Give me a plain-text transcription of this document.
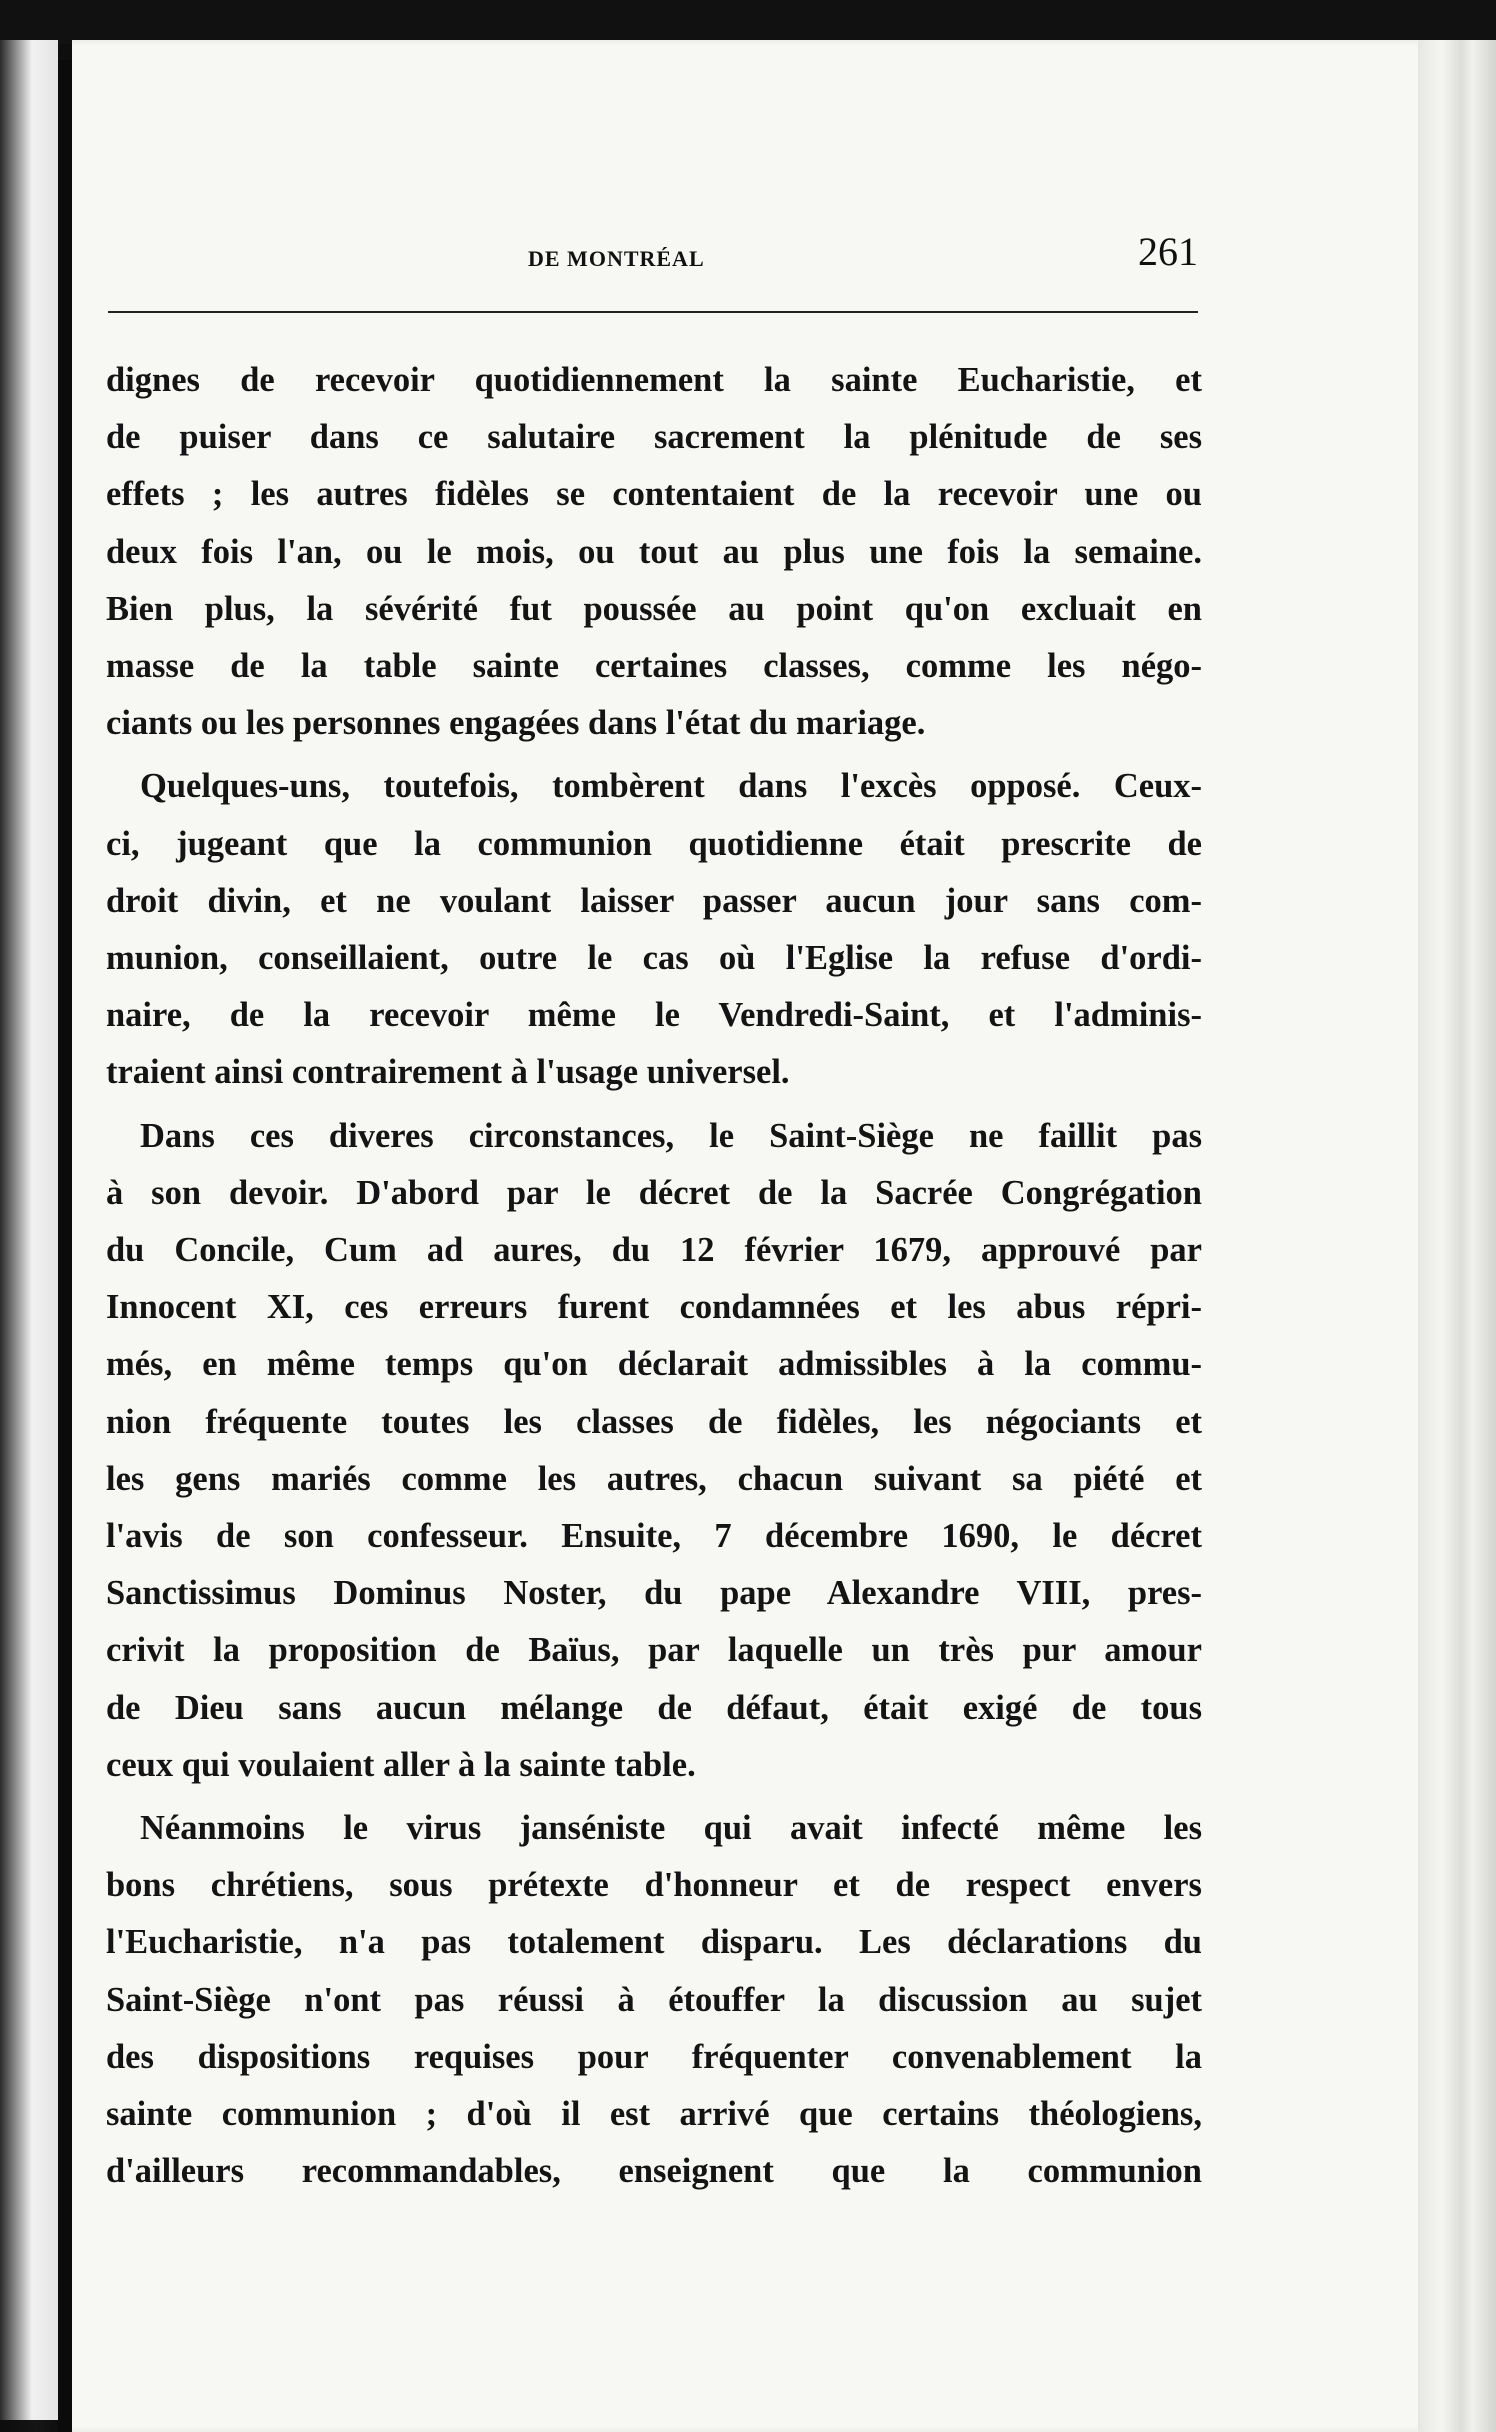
DE MONTRÉAL	261
dignes de recevoir quotidiennement la sainte Eucharistie, et
de puiser dans ce salutaire sacrement la plénitude de ses
effets ; les autres fidèles se contentaient de la recevoir une ou
deux fois l'an, ou le mois, ou tout au plus une fois la semaine.
Bien plus, la sévérité fut poussée au point qu'on excluait en
masse de la table sainte certaines classes, comme les négo-
ciants ou les personnes engagées dans l'état du mariage.
Quelques-uns, toutefois, tombèrent dans l'excès opposé. Ceux-
ci, jugeant que la communion quotidienne était prescrite de
droit divin, et ne voulant laisser passer aucun jour sans com-
munion, conseillaient, outre le cas où l'Eglise la refuse d'ordi-
naire, de la recevoir même le Vendredi-Saint, et l'adminis-
traient ainsi contrairement à l'usage universel.
Dans ces diveres circonstances, le Saint-Siège ne faillit pas
à son devoir. D'abord par le décret de la Sacrée Congrégation
du Concile, Cum ad aures, du 12 février 1679, approuvé par
Innocent XI, ces erreurs furent condamnées et les abus répri-
més, en même temps qu'on déclarait admissibles à la commu-
nion fréquente toutes les classes de fidèles, les négociants et
les gens mariés comme les autres, chacun suivant sa piété et
l'avis de son confesseur. Ensuite, 7 décembre 1690, le décret
Sanctissimus Dominus Noster, du pape Alexandre VIII, pres-
crivit la proposition de Baïus, par laquelle un très pur amour
de Dieu sans aucun mélange de défaut, était exigé de tous
ceux qui voulaient aller à la sainte table.
Néanmoins le virus janséniste qui avait infecté même les
bons chrétiens, sous prétexte d'honneur et de respect envers
l'Eucharistie, n'a pas totalement disparu. Les déclarations du
Saint-Siège n'ont pas réussi à étouffer la discussion au sujet
des dispositions requises pour fréquenter convenablement la
sainte communion ; d'où il est arrivé que certains théologiens,
d'ailleurs recommandables, enseignent que la communion
